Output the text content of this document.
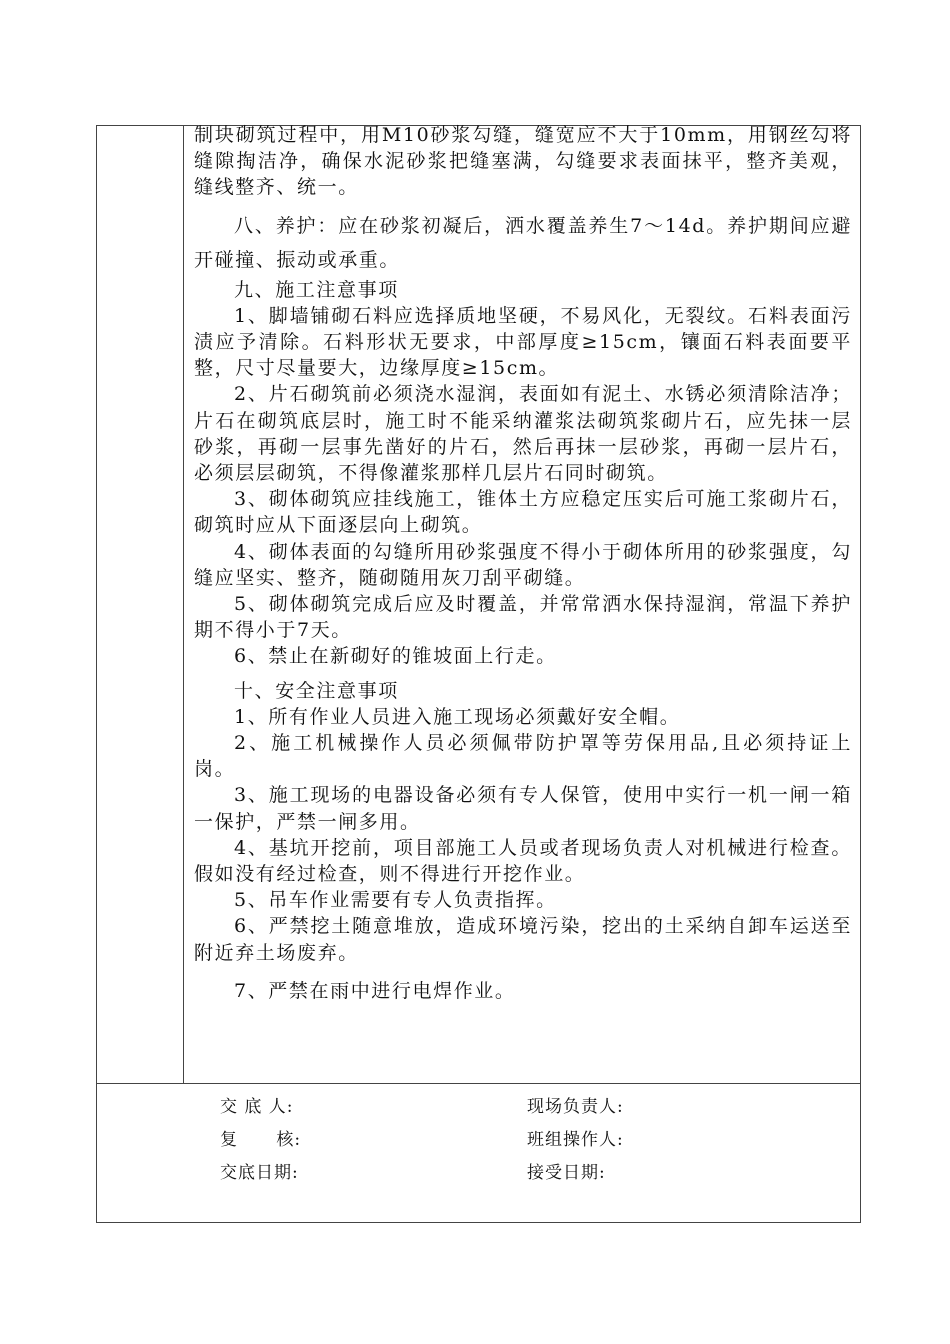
制块砌筑过程中，用M10砂浆勾缝，缝宽应不大于10mm，用钢丝勾将缝隙掏洁净，确保水泥砂浆把缝塞满，勾缝要求表面抹平，整齐美观，缝线整齐、统一。

八、养护：应在砂浆初凝后，洒水覆盖养生7～14d。养护期间应避开碰撞、振动或承重。

九、施工注意事项

1、脚墙铺砌石料应选择质地坚硬，不易风化，无裂纹。石料表面污渍应予清除。石料形状无要求，中部厚度≥15cm，镶面石料表面要平整，尺寸尽量要大，边缘厚度≥15cm。

2、片石砌筑前必须浇水湿润，表面如有泥土、水锈必须清除洁净；片石在砌筑底层时，施工时不能采纳灌浆法砌筑浆砌片石，应先抹一层砂浆，再砌一层事先凿好的片石，然后再抹一层砂浆，再砌一层片石，必须层层砌筑，不得像灌浆那样几层片石同时砌筑。

3、砌体砌筑应挂线施工，锥体土方应稳定压实后可施工浆砌片石，砌筑时应从下面逐层向上砌筑。

4、砌体表面的勾缝所用砂浆强度不得小于砌体所用的砂浆强度，勾缝应坚实、整齐，随砌随用灰刀刮平砌缝。

5、砌体砌筑完成后应及时覆盖，并常常洒水保持湿润，常温下养护期不得小于7天。

6、禁止在新砌好的锥坡面上行走。

十、安全注意事项

1、所有作业人员进入施工现场必须戴好安全帽。

2、施工机械操作人员必须佩带防护罩等劳保用品,且必须持证上岗。

3、施工现场的电器设备必须有专人保管，使用中实行一机一闸一箱一保护，严禁一闸多用。

4、基坑开挖前，项目部施工人员或者现场负责人对机械进行检查。假如没有经过检查，则不得进行开挖作业。

5、吊车作业需要有专人负责指挥。

6、严禁挖土随意堆放，造成环境污染，挖出的土采纳自卸车运送至附近弃土场废弃。

7、严禁在雨中进行电焊作业。

交 底 人:	现场负责人:
复      核:	班组操作人:
交底日期:	接受日期:
